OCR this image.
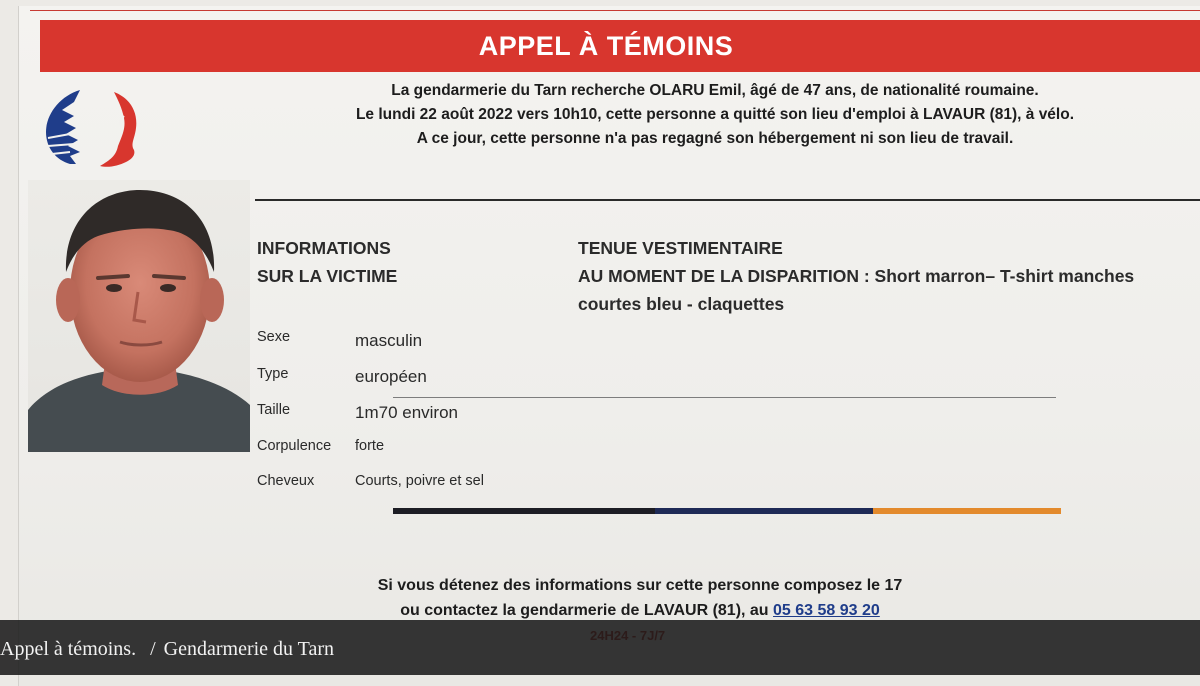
APPEL À TÉMOINS
La gendarmerie du Tarn recherche OLARU Emil, âgé de 47 ans, de nationalité roumaine.
Le lundi 22 août 2022 vers 10h10, cette personne a quitté son lieu d'emploi à LAVAUR (81), à vélo.
A ce jour, cette personne n'a pas regagné son hébergement ni son lieu de travail.
INFORMATIONS
SUR LA VICTIME
TENUE VESTIMENTAIRE
AU MOMENT DE LA DISPARITION : Short marron– T-shirt manches
courtes bleu - claquettes
Sexe	masculin
Type	européen
Taille	1m70 environ
Corpulence forte
Cheveux	Courts, poivre et sel
Si vous détenez des informations sur cette personne composez le 17
ou contactez la gendarmerie de LAVAUR (81), au 05 63 58 93 20
Appel à témoins. / Gendarmerie du Tarn
